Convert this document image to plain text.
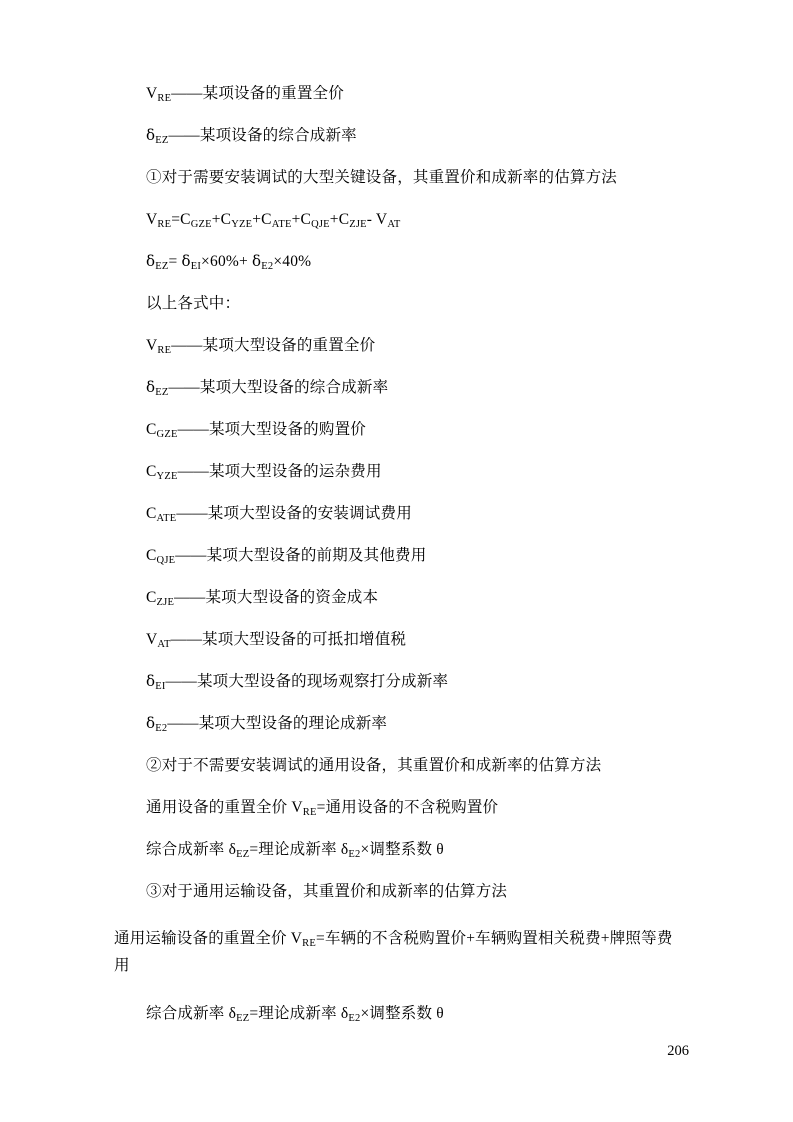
$V_{RE}——$某项设备的重置全价

$\delta_{EZ}——$某项设备的综合成新率

①对于需要安装调试的大型关键设备，其重置价和成新率的估算方法

$V_{RE}=C_{GZE}+C_{YZE}+C_{ATE}+C_{QJE}+C_{ZJE}-$ $V_{AT}$

$\delta_{EZ}= \delta_{EI}\times 60\%+ \delta_{E2}\times 40\%$

以上各式中：

$V_{RE}——$某项大型设备的重置全价

$\delta_{EZ}——$某项大型设备的综合成新率

$C_{GZE}——$某项大型设备的购置价

$C_{YZE}——$某项大型设备的运杂费用

$C_{ATE}——$某项大型设备的安装调试费用

$C_{QJE}——$某项大型设备的前期及其他费用

$C_{ZJE}——$某项大型设备的资金成本

$V_{AT}——$某项大型设备的可抵扣增值税

$\delta_{EI}——$某项大型设备的现场观察打分成新率

$\delta_{E2}——$某项大型设备的理论成新率

②对于不需要安装调试的通用设备，其重置价和成新率的估算方法

通用设备的重置全价 $V_{RE}=$通用设备的不含税购置价

综合成新率 $\delta_{EZ}=$理论成新率 $\delta_{E2}\times$调整系数 θ

③对于通用运输设备，其重置价和成新率的估算方法

通用运输设备的重置全价 $V_{RE}=$车辆的不含税购置价+车辆购置相关税费+牌照等费用

综合成新率 $\delta_{EZ}=$理论成新率 $\delta_{E2}\times$调整系数 θ

206
